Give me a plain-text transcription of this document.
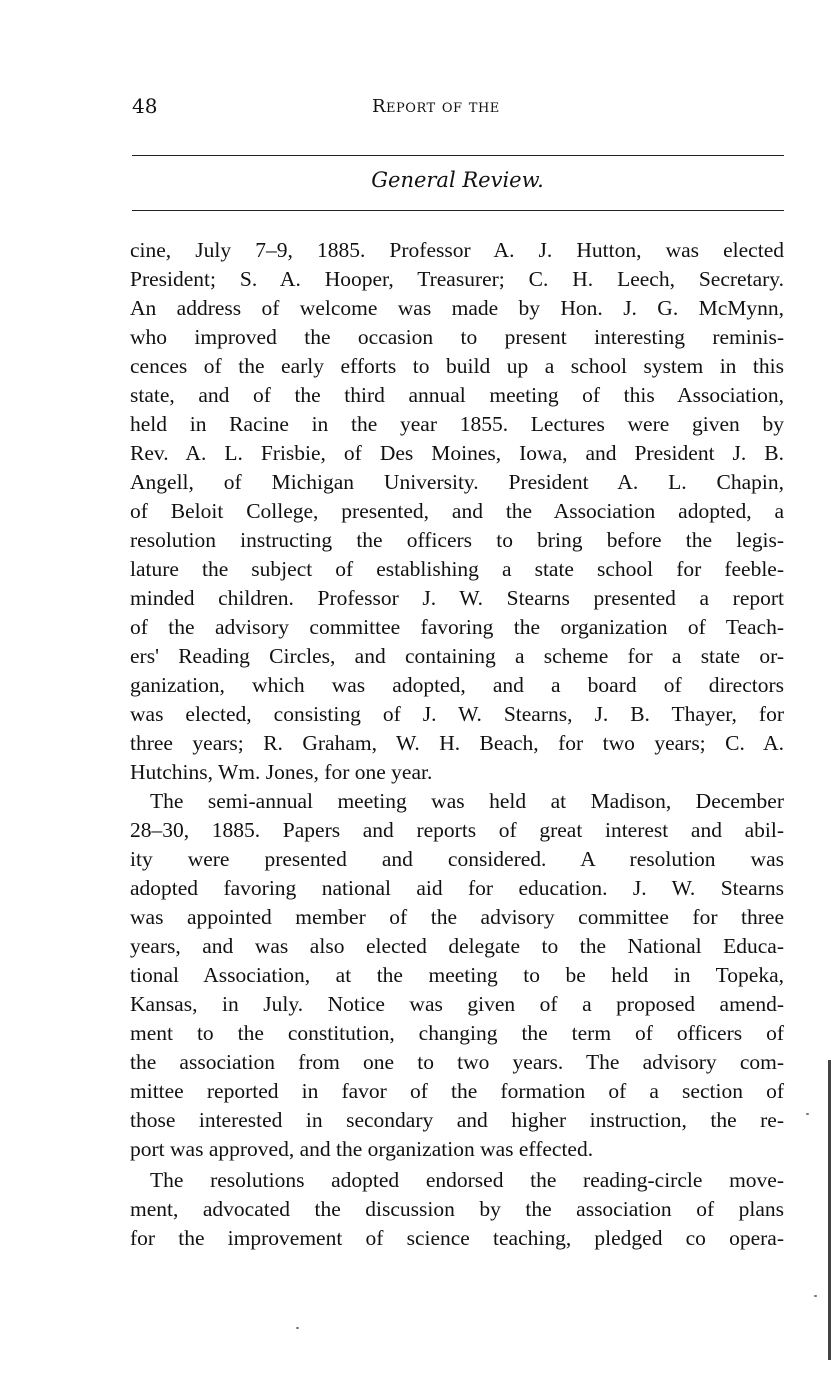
48	Report of the
General Review.
cine, July 7–9, 1885. Professor A. J. Hutton, was elected
President; S. A. Hooper, Treasurer; C. H. Leech, Secretary.
An address of welcome was made by Hon. J. G. McMynn,
who improved the occasion to present interesting reminis-
cences of the early efforts to build up a school system in this
state, and of the third annual meeting of this Association,
held in Racine in the year 1855. Lectures were given by
Rev. A. L. Frisbie, of Des Moines, Iowa, and President J. B.
Angell, of Michigan University. President A. L. Chapin,
of Beloit College, presented, and the Association adopted, a
resolution instructing the officers to bring before the legis-
lature the subject of establishing a state school for feeble-
minded children. Professor J. W. Stearns presented a report
of the advisory committee favoring the organization of Teach-
ers' Reading Circles, and containing a scheme for a state or-
ganization, which was adopted, and a board of directors
was elected, consisting of J. W. Stearns, J. B. Thayer, for
three years; R. Graham, W. H. Beach, for two years; C. A.
Hutchins, Wm. Jones, for one year.
The semi-annual meeting was held at Madison, December
28–30, 1885. Papers and reports of great interest and abil-
ity were presented and considered. A resolution was
adopted favoring national aid for education. J. W. Stearns
was appointed member of the advisory committee for three
years, and was also elected delegate to the National Educa-
tional Association, at the meeting to be held in Topeka,
Kansas, in July. Notice was given of a proposed amend-
ment to the constitution, changing the term of officers of
the association from one to two years. The advisory com-
mittee reported in favor of the formation of a section of
those interested in secondary and higher instruction, the re-
port was approved, and the organization was effected.
The resolutions adopted endorsed the reading-circle move-
ment, advocated the discussion by the association of plans
for the improvement of science teaching, pledged co opera-
